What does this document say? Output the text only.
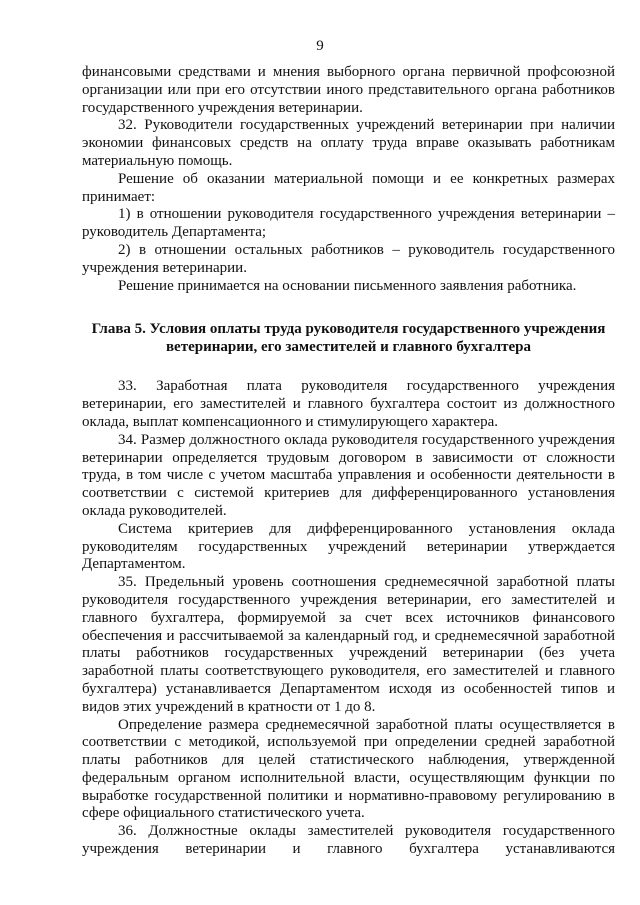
9

финансовыми средствами и мнения выборного органа первичной профсоюзной организации или при его отсутствии иного представительного органа работников государственного учреждения ветеринарии.

32. Руководители государственных учреждений ветеринарии при наличии экономии финансовых средств на оплату труда вправе оказывать работникам материальную помощь.

Решение об оказании материальной помощи и ее конкретных размерах принимает:

1) в отношении руководителя государственного учреждения ветеринарии – руководитель Департамента;

2) в отношении остальных работников – руководитель государственного учреждения ветеринарии.

Решение принимается на основании письменного заявления работника.

Глава 5. Условия оплаты труда руководителя государственного учреждения ветеринарии, его заместителей и главного бухгалтера

33. Заработная плата руководителя государственного учреждения ветеринарии, его заместителей и главного бухгалтера состоит из должностного оклада, выплат компенсационного и стимулирующего характера.

34. Размер должностного оклада руководителя государственного учреждения ветеринарии определяется трудовым договором в зависимости от сложности труда, в том числе с учетом масштаба управления и особенности деятельности в соответствии с системой критериев для дифференцированного установления оклада руководителей.

Система критериев для дифференцированного установления оклада руководителям государственных учреждений ветеринарии утверждается Департаментом.

35. Предельный уровень соотношения среднемесячной заработной платы руководителя государственного учреждения ветеринарии, его заместителей и главного бухгалтера, формируемой за счет всех источников финансового обеспечения и рассчитываемой за календарный год, и среднемесячной заработной платы работников государственных учреждений ветеринарии (без учета заработной платы соответствующего руководителя, его заместителей и главного бухгалтера) устанавливается Департаментом исходя из особенностей типов и видов этих учреждений в кратности от 1 до 8.

Определение размера среднемесячной заработной платы осуществляется в соответствии с методикой, используемой при определении средней заработной платы работников для целей статистического наблюдения, утвержденной федеральным органом исполнительной власти, осуществляющим функции по выработке государственной политики и нормативно-правовому регулированию в сфере официального статистического учета.

36. Должностные оклады заместителей руководителя государственного учреждения ветеринарии и главного бухгалтера устанавливаются
